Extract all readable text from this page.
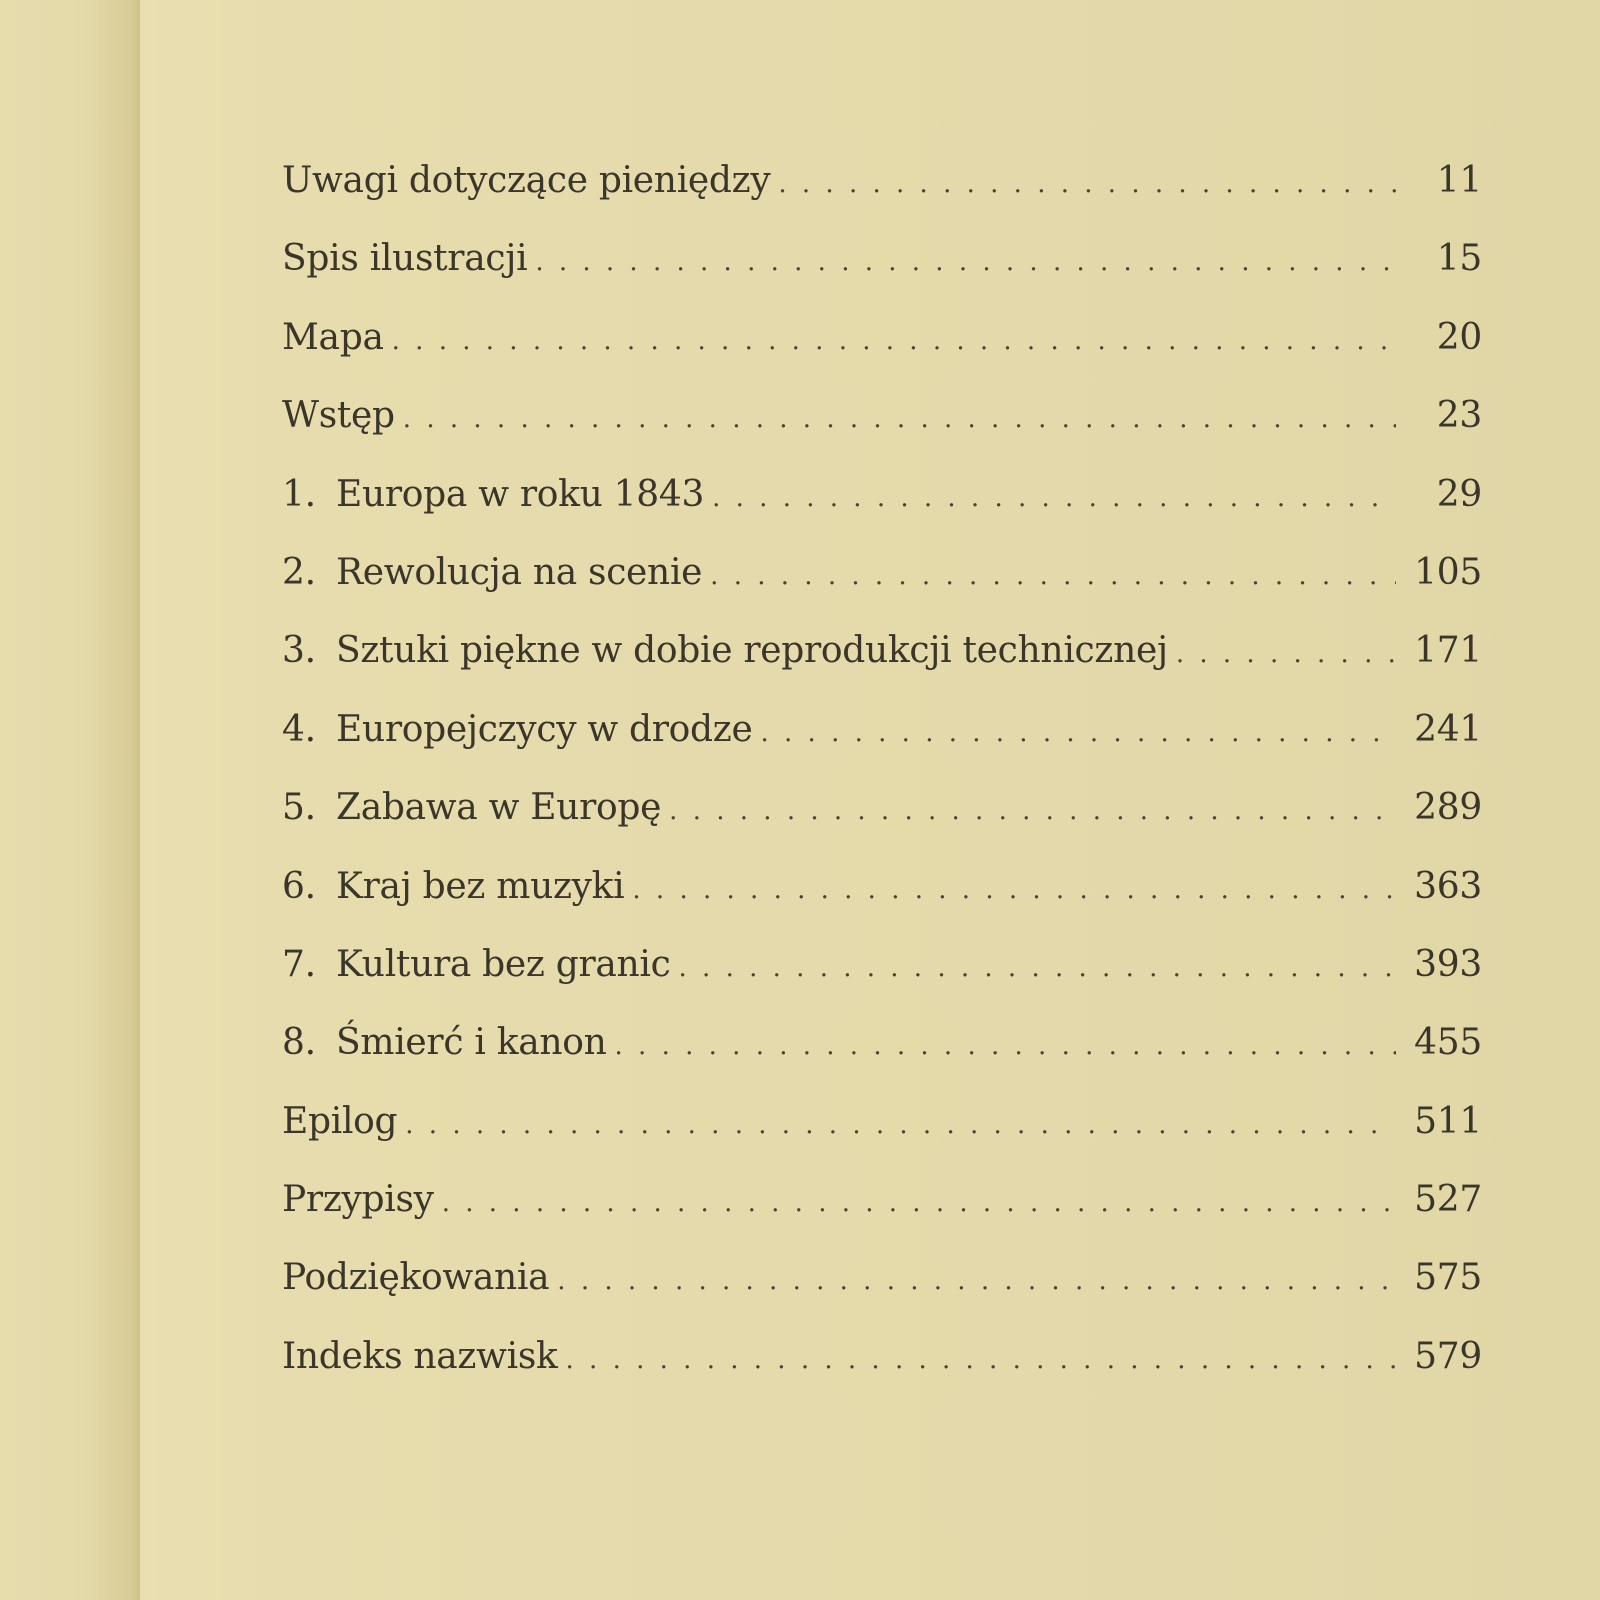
Uwagi dotyczące pieniędzy . . .	11
Spis ilustracji . . .	15
Mapa . . .	20
Wstęp . . .	23
1. Europa w roku 1843 . . .	29
2. Rewolucja na scenie . . .	105
3. Sztuki piękne w dobie reprodukcji technicznej . . .	171
4. Europejczycy w drodze . . .	241
5. Zabawa w Europę . . .	289
6. Kraj bez muzyki . . .	363
7. Kultura bez granic . . .	393
8. Śmierć i kanon . . .	455
Epilog . . .	511
Przypisy . . .	527
Podziękowania . . .	575
Indeks nazwisk . . .	579
